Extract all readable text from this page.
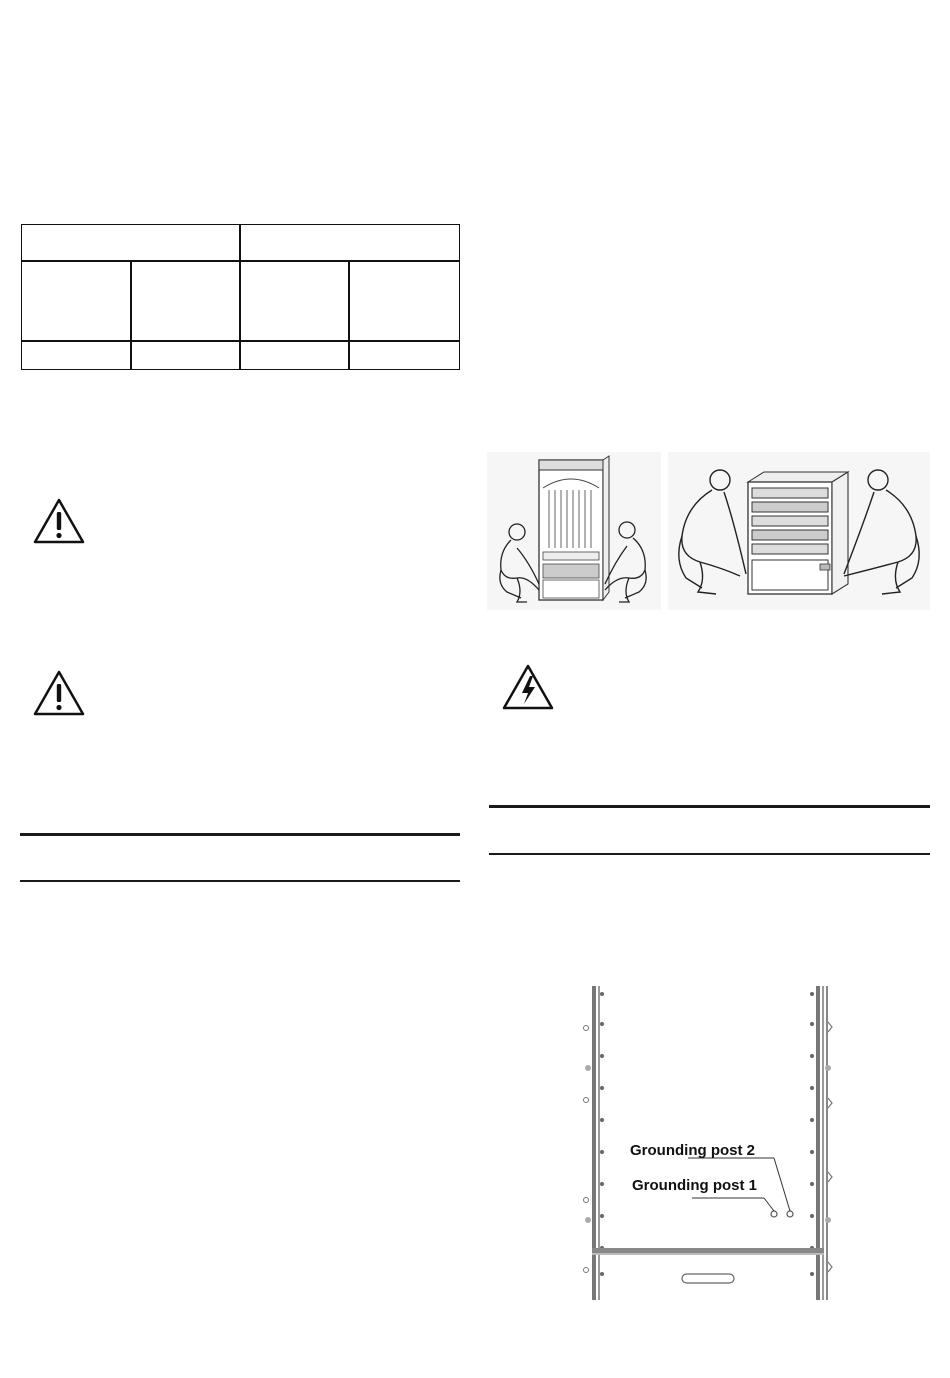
Grounding post 2
Grounding post 1
